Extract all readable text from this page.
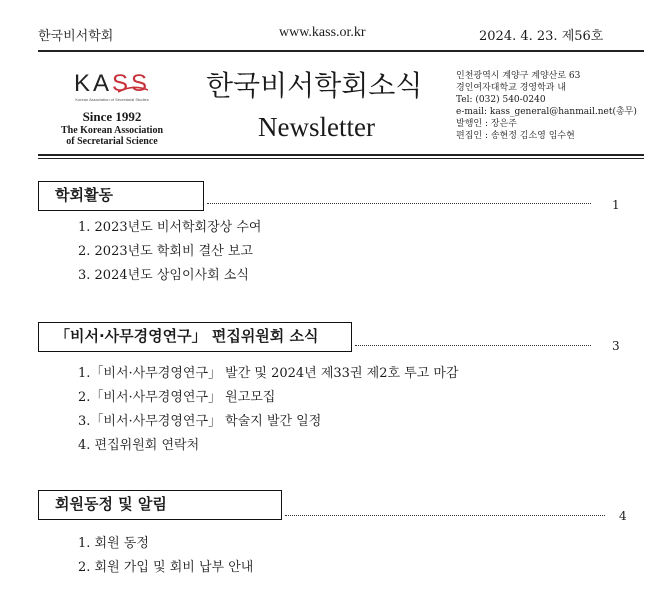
한국비서학회	www.kass.or.kr	2024. 4. 23. 제56호
KASS
Korean Association of Secretarial Studies
Since 1992
The Korean Association
of Secretarial Science
한국비서학회소식
Newsletter
인천광역시 계양구 계양산로 63
경인여자대학교 경영학과 내
Tel: (032) 540-0240
e-mail: kass_general@hanmail.net(총무)
발행인 : 장은주
편집인 : 송현정 김소영 임수현
학회활동
1
1. 2023년도 비서학회장상 수여
2. 2023년도 학회비 결산 보고
3. 2024년도 상임이사회 소식
「비서·사무경영연구」 편집위원회 소식
3
1.「비서·사무경영연구」 발간 및 2024년 제33권 제2호 투고 마감
2.「비서·사무경영연구」 원고모집
3.「비서·사무경영연구」 학술지 발간 일정
4. 편집위원회 연락처
회원동정 및 알림
4
1. 회원 동정
2. 회원 가입 및 회비 납부 안내
